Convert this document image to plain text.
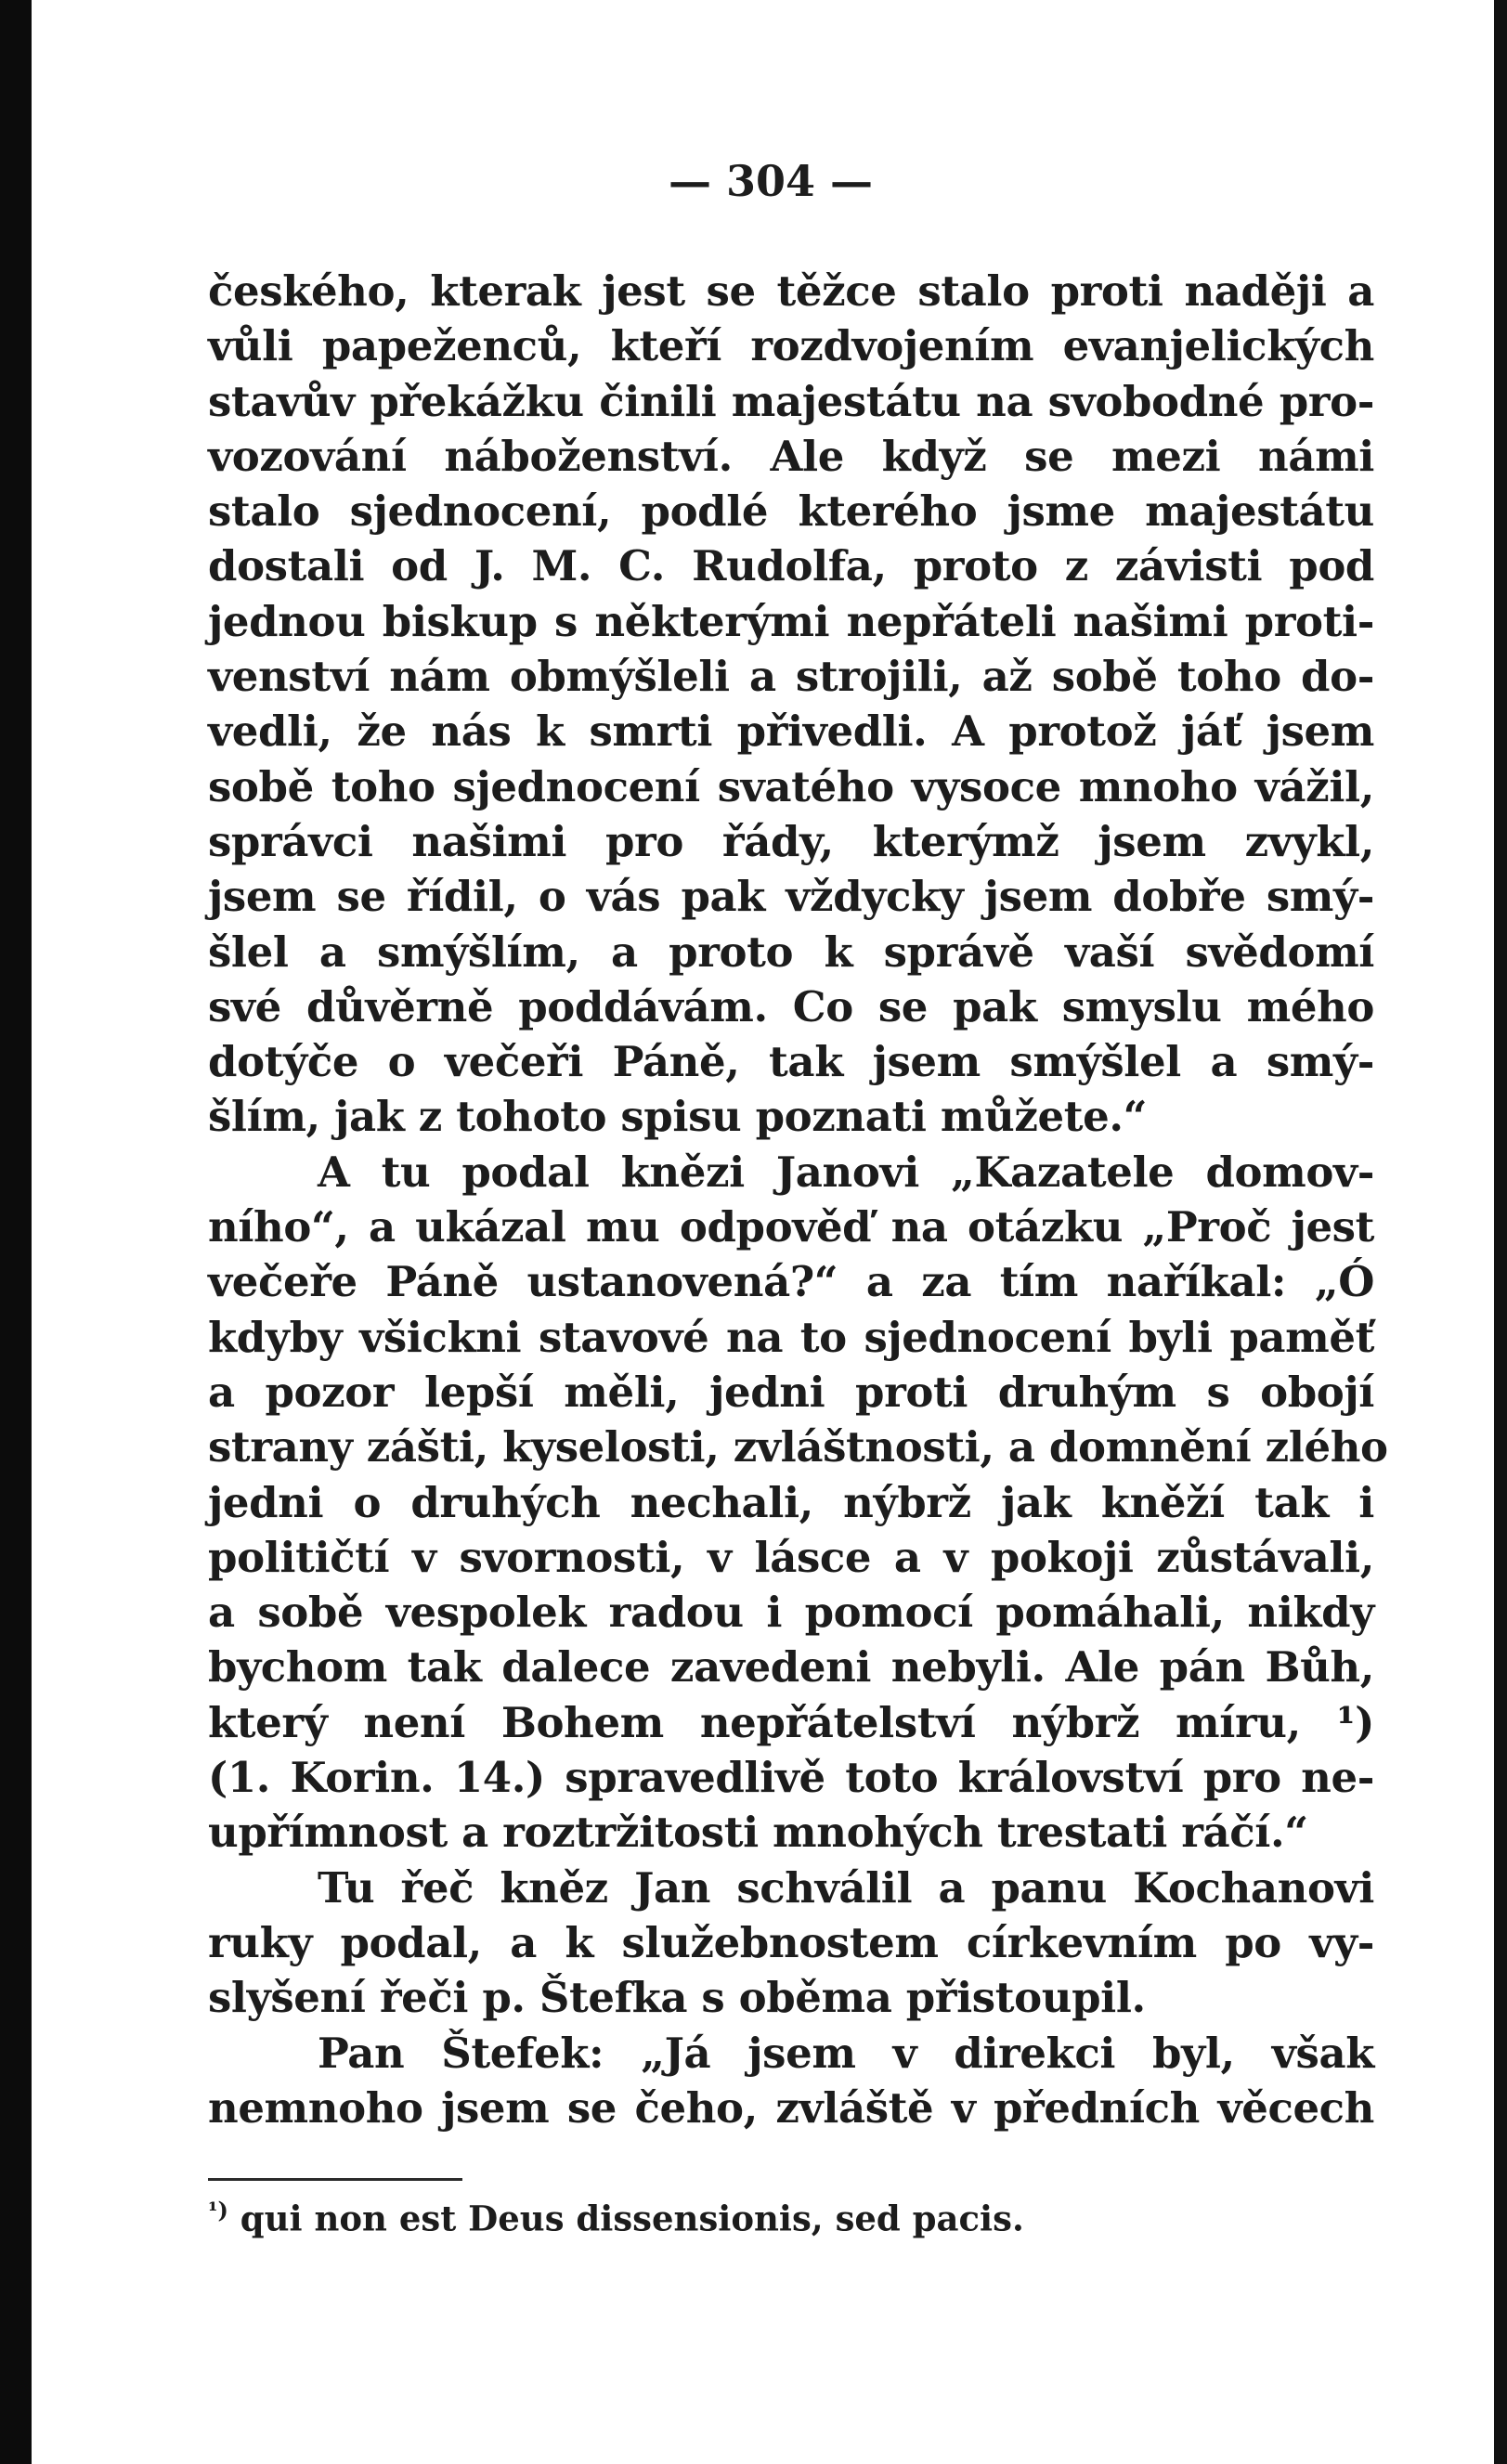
— 304 —
českého, kterak jest se těžce stalo proti naději a
vůli papeženců, kteří rozdvojením evanjelických
stavův překážku činili majestátu na svobodné pro-
vozování náboženství. Ale když se mezi námi
stalo sjednocení, podlé kterého jsme majestátu
dostali od J. M. C. Rudolfa, proto z závisti pod
jednou biskup s některými nepřáteli našimi proti-
venství nám obmýšleli a strojili, až sobě toho do-
vedli, že nás k smrti přivedli. A protož jáť jsem
sobě toho sjednocení svatého vysoce mnoho vážil,
správci našimi pro řády, kterýmž jsem zvykl,
jsem se řídil, o vás pak vždycky jsem dobře smý-
šlel a smýšlím, a proto k správě vaší svědomí
své důvěrně poddávám. Co se pak smyslu mého
dotýče o večeři Páně, tak jsem smýšlel a smý-
šlím, jak z tohoto spisu poznati můžete.“
A tu podal knězi Janovi „Kazatele domov-
ního“, a ukázal mu odpověď na otázku „Proč jest
večeře Páně ustanovená?“ a za tím naříkal: „Ó
kdyby všickni stavové na to sjednocení byli paměť
a pozor lepší měli, jedni proti druhým s obojí
strany zášti, kyselosti, zvláštnosti, a domnění zlého
jedni o druhých nechali, nýbrž jak kněží tak i
političtí v svornosti, v lásce a v pokoji zůstávali,
a sobě vespolek radou i pomocí pomáhali, nikdy
bychom tak dalece zavedeni nebyli. Ale pán Bůh,
který není Bohem nepřátelství nýbrž míru, ¹)
(1. Korin. 14.) spravedlivě toto království pro ne-
upřímnost a roztržitosti mnohých trestati ráčí.“
Tu řeč kněz Jan schválil a panu Kochanovi
ruky podal, a k služebnostem církevním po vy-
slyšení řeči p. Štefka s oběma přistoupil.
Pan Štefek: „Já jsem v direkci byl, však
nemnoho jsem se čeho, zvláště v předních věcech
$^{^1)}$ qui non est Deus dissensionis, sed pacis.
